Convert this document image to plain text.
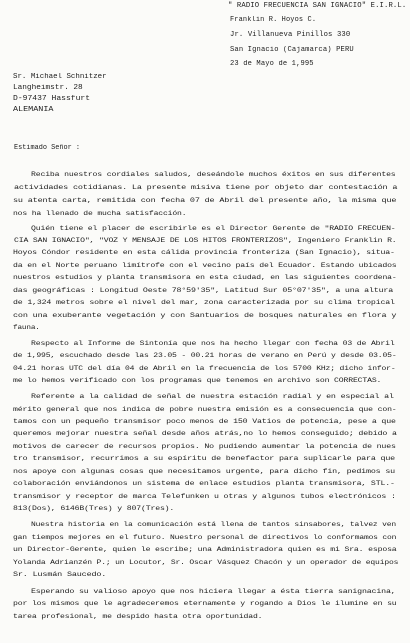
" RADIO FRECUENCIA SAN IGNACIO" E.I.R.L.
Franklin R. Hoyos C.
Jr. Villanueva Pinillos 330
San Ignacio (Cajamarca) PERU
23 de Mayo de 1,995
Sr. Michael Schnitzer
Langheimstr. 28
D-97437 Hassfurt
ALEMANIA
Estimado Señor :
Reciba nuestros cordiales saludos, deseándole muchos éxitos en sus diferentes
actividades cotidianas. La presente misiva tiene por objeto dar contestación a
su atenta carta, remitida con fecha 07 de Abril del presente año, la misma que
nos ha llenado de mucha satisfacción.
Quién tiene el placer de escribirle es el Director Gerente de "RADIO FRECUEN-
CIA SAN IGNACIO", "VOZ Y MENSAJE DE LOS HITOS FRONTERIZOS", Ingeniero Franklin R.
Hoyos Cóndor residente en esta cálida provincia fronteriza (San Ignacio), situa-
da en el Norte peruano limítrofe con el vecino país del Ecuador. Estando ubicados
nuestros estudios y planta transmisora en esta ciudad, en las siguientes coordena-
das geográficas : Longitud Oeste 78°59'35", Latitud Sur 05°07'35", a una altura
de 1,324 metros sobre el nivel del mar, zona caracterizada por su clima tropical
con una exuberante vegetación y con Santuarios de bosques naturales en flora y
fauna.
Respecto al Informe de Sintonía que nos ha hecho llegar con fecha 03 de Abril
de 1,995, escuchado desde las 23.05 - 00.21 horas de verano en Perú y desde 03.05-
04.21 horas UTC del día 04 de Abril en la frecuencia de los 5700 KHz; dicho infor-
me lo hemos verificado con los programas que tenemos en archivo son CORRECTAS.
Referente a la calidad de señal de nuestra estación radial y en especial al
mérito general que nos indica de pobre nuestra emisión es a consecuencia que con-
tamos con un pequeño transmisor poco menos de 150 Vatios de potencia, pese a que
queremos mejorar nuestra señal desde años atrás,no lo hemos conseguido; debido a
motivos de carecer de recursos propios. No pudiendo aumentar la potencia de nues
tro transmisor, recurrimos a su espíritu de benefactor para suplicarle para que
nos apoye con algunas cosas que necesitamos urgente, para dicho fin, pedimos su
colaboración enviándonos un sistema de enlace estudios planta transmisora, STL.-
transmisor y receptor de marca Telefunken u otras y algunos tubos electrónicos :
813(Dos), 6146B(Tres) y 807(Tres).
Nuestra historia en la comunicación está llena de tantos sinsabores, talvez ven
gan tiempos mejores en el futuro. Nuestro personal de directivos lo conformamos con
un Director-Gerente, quien le escribe; una Administradora quien es mi Sra. esposa
Yolanda Adrianzén P.; un Locutor, Sr. Oscar Vásquez Chacón y un operador de equipos
Sr. Lusmán Saucedo.
Esperando su valioso apoyo que nos hiciera llegar a ésta tierra sanignacina,
por los mismos que le agradeceremos eternamente y rogando a Dios le ilumine en su
tarea profesional, me despido hasta otra oportunidad.
